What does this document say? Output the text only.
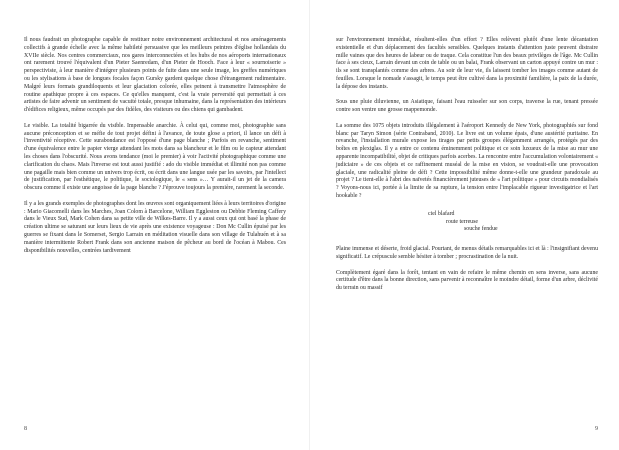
Il nous faudrait un photographe capable de restituer notre environnement architectural et nos aménagements collectifs à grande échelle avec la même habileté persuasive que les meilleurs peintres d'église hollandais du XVIIe siècle. Nos centres commerciaux, nos gares interconnectées et les hubs de nos aéroports internationaux ont rarement trouvé l'équivalent d'un Pieter Saenredam, d'un Pieter de Hooch. Face à leur « sournoiserie » perspectiviste, à leur manière d'intégrer plusieurs points de fuite dans une seule image, les greffes numériques ou les stylisations à base de longues focales façon Gursky gardent quelque chose d'étrangement rudimentaire. Malgré leurs formats grandiloquents et leur glaciation colorée, elles peinent à transmettre l'atmosphère de routine apathique propre à ces espaces. Ce qu'elles manquent, c'est la vraie perversité qui permettait à ces artistes de faire advenir un sentiment de vacuité totale, presque inhumaine, dans la représentation des intérieurs d'édifices religieux, même occupés par des fidèles, des visiteurs ou des chiens qui gambadent.

Le visible. La totalité bigarrée du visible. Impensable anarchie. À celui qui, comme moi, photographie sans aucune préconception et se méfie de tout projet défini à l'avance, de toute glose a priori, il lance un défi à l'inventivité réceptive. Cette surabondance est l'opposé d'une page blanche ; Parfois en revanche, sentiment d'une équivalence entre le papier vierge attendant les mots dans sa blancheur et le film ou le capteur attendant les choses dans l'obscurité. Nous avons tendance (moi le premier) à voir l'activité photographique comme une clarification du chaos. Mais l'inverse est tout aussi justifié : ado du visible immédiat et illimité non pas comme une pagaille mais bien comme un univers trop écrit, ou écrit dans une langue usée par les savoirs, par l'intellect de justification, par l'esthétique, le politique, le sociologique, le « sens »… Y aurait-il un jet de la camera obscura comme il existe une angoisse de la page blanche ? J'éprouve toujours la première, rarement la seconde.

Il y a les grands exemples de photographes dont les œuvres sont organiquement liées à leurs territoires d'origine : Mario Giacomelli dans les Marches, Joan Colom à Barcelone, William Eggleston ou Debbie Fleming Caffery dans le Vieux Sud, Mark Cohen dans sa petite ville de Wilkes-Barre. Il y a aussi ceux qui ont basé la phase de création ultime se saturant sur leurs lieux de vie après une existence voyageuse : Don Mc Cullin épuisé par les guerres se fixant dans le Somerset, Sergio Larrain en méditation visuelle dans son village de Tulahuén et à sa manière intermittente Robert Frank dans son ancienne maison de pêcheur au bord de l'océan à Mabou. Ces disponibilités nouvelles, centrées tardivement

8

sur l'environnement immédiat, résultent-elles d'un effort ? Elles relèvent plutôt d'une lente décantation existentielle et d'un déplacement des facultés sensibles. Quelques instants d'attention juste peuvent distraire mille vaines que des heures de labeur ou de traque. Cela constitue l'un des beaux privilèges de l'âge. Mc Cullin face à ses cieux, Larrain devant un coin de table ou un balai, Frank observant un carton appuyé contre un mur : ils se sont transplantés comme des arbres. Au soir de leur vie, ils laissent tomber les images comme autant de feuilles. Lorsque le nomade s'assagit, le temps peut être cultivé dans la proximité familière, la paix de la durée, la dépose des instants.

Sous une pluie diluvienne, un Asiatique, faisant l'eau ruisseler sur son corps, traverse la rue, tenant pressée contre son ventre une grosse mappemonde.

La somme des 1075 objets introduits illégalement à l'aéroport Kennedy de New York, photographiés sur fond blanc par Taryn Simon (série Contraband, 2010). Le livre est un volume épais, d'une austérité puritaine. En revanche, l'installation murale expose les tirages par petits groupes élégamment arrangés, protégés par des boîtes en plexiglas. Il y a entre ce contenu éminemment politique et ce soin luxueux de la mise au mur une apparente incompatibilité, objet de critiques parfois acerbes. La rencontre entre l'accumulation volontairement « judiciaire » de ces objets et ce raffinement muséal de la mise en vision, se voudrait-elle une provocation glaciale, une radicalité pleine de défi ? Cette impossibilité même donne-t-elle une grandeur paradoxale au projet ? Le tient-elle à l'abri des naïvetés financièrement juteuses de « l'art politique » pour circuits mondialisés ? Voyons-nous ici, portée à la limite de sa rupture, la tension entre l'implacable rigueur investigatrice et l'art hookable ?

ciel blafard
route terreuse
souche fendue

Plaine immense et déserte, froid glacial. Pourtant, de menus détails remarquables ici et là : l'insignifiant devenu significatif. Le crépuscule semble hésiter à tomber ; procrastination de la nuit.

Complètement égaré dans la forêt, tentant en vain de refaire le même chemin en sens inverse, sans aucune certitude d'être dans la bonne direction, sans parvenir à reconnaître le moindre détail, forme d'un arbre, déclivité du terrain ou massif

9
